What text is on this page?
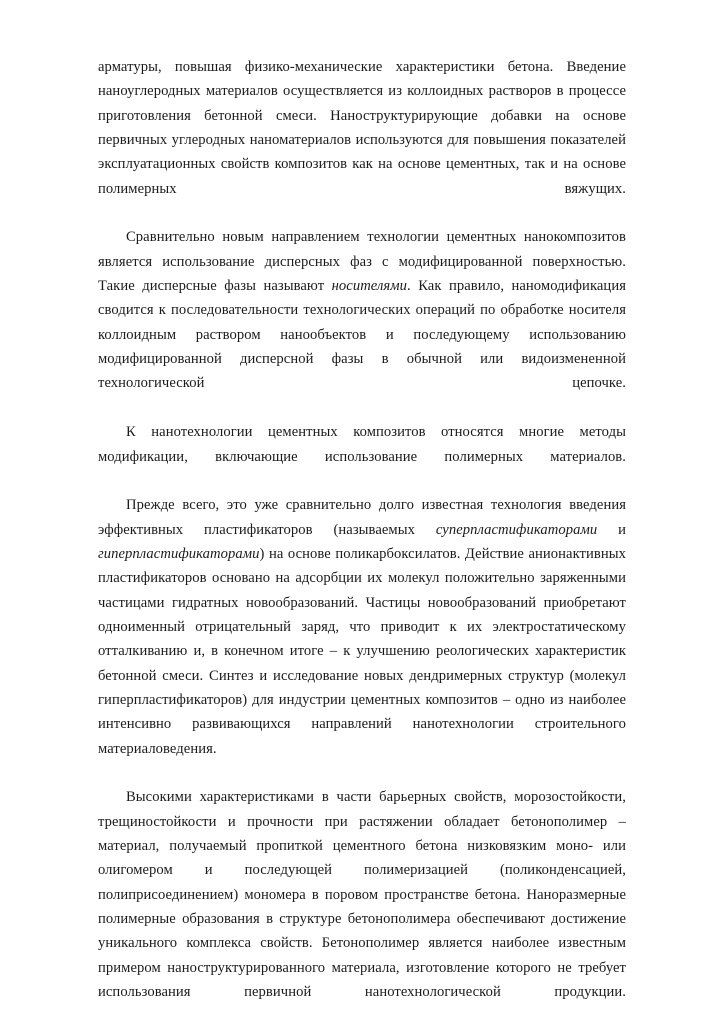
арматуры, повышая физико-механические характеристики бетона. Введение наноуглеродных материалов осуществляется из коллоидных растворов в процессе приготовления бетонной смеси. Наноструктурирующие добавки на основе первичных углеродных наноматериалов используются для повышения показателей эксплуатационных свойств композитов как на основе цементных, так и на основе полимерных вяжущих.

Сравнительно новым направлением технологии цементных нанокомпозитов является использование дисперсных фаз с модифицированной поверхностью. Такие дисперсные фазы называют носителями. Как правило, наномодификация сводится к последовательности технологических операций по обработке носителя коллоидным раствором нанообъектов и последующему использованию модифицированной дисперсной фазы в обычной или видоизмененной технологической цепочке.

К нанотехнологии цементных композитов относятся многие методы модификации, включающие использование полимерных материалов.

Прежде всего, это уже сравнительно долго известная технология введения эффективных пластификаторов (называемых суперпластификаторами и гиперпластификаторами) на основе поликарбоксилатов. Действие анионактивных пластификаторов основано на адсорбции их молекул положительно заряженными частицами гидратных новообразований. Частицы новообразований приобретают одноименный отрицательный заряд, что приводит к их электростатическому отталкиванию и, в конечном итоге – к улучшению реологических характеристик бетонной смеси. Синтез и исследование новых дендримерных структур (молекул гиперпластификаторов) для индустрии цементных композитов – одно из наиболее интенсивно развивающихся направлений нанотехнологии строительного материаловедения.

Высокими характеристиками в части барьерных свойств, морозостойкости, трещиностойкости и прочности при растяжении обладает бетонополимер – материал, получаемый пропиткой цементного бетона низковязким моно- или олигомером и последующей полимеризацией (поликонденсацией, полиприсоединением) мономера в поровом пространстве бетона. Наноразмерные полимерные образования в структуре бетонополимера обеспечивают достижение уникального комплекса свойств. Бетонополимер является наиболее известным примером наноструктурированного материала, изготовление которого не требует использования первичной нанотехнологической продукции.
